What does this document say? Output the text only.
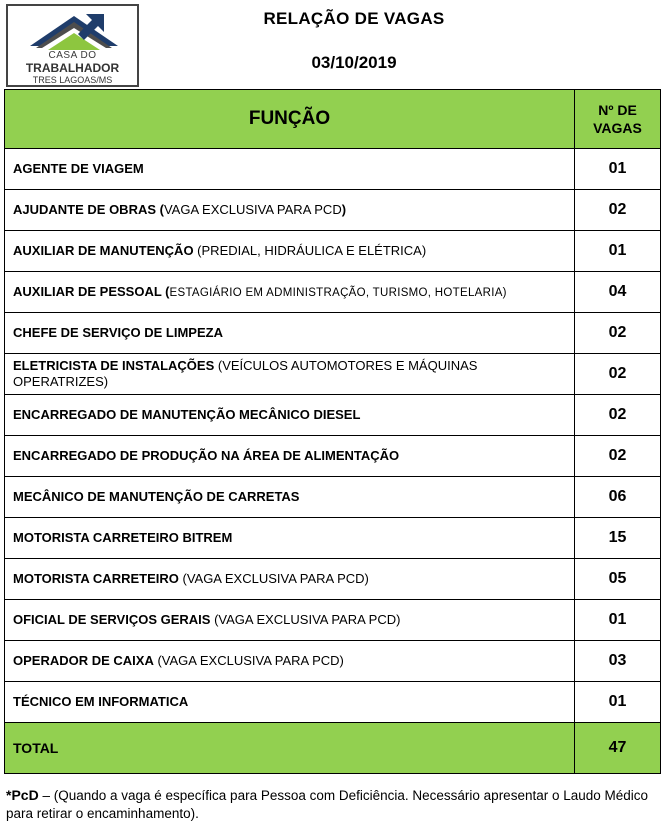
CASA DO
TRABALHADOR
TRES LAGOAS/MS
RELAÇÃO DE VAGAS
03/10/2019
FUNÇÃO	Nº DE
VAGAS
AGENTE DE VIAGEM	01
AJUDANTE DE OBRAS (VAGA EXCLUSIVA PARA PCD)	02
AUXILIAR DE MANUTENÇÃO (PREDIAL, HIDRÁULICA E ELÉTRICA)	01
AUXILIAR DE PESSOAL (ESTAGIÁRIO EM ADMINISTRAÇÃO, TURISMO, HOTELARIA)	04
CHEFE DE SERVIÇO DE LIMPEZA	02
ELETRICISTA DE INSTALAÇÕES (VEÍCULOS AUTOMOTORES E MÁQUINAS OPERATRIZES)	02
ENCARREGADO DE MANUTENÇÃO MECÂNICO DIESEL	02
ENCARREGADO DE PRODUÇÃO NA ÁREA DE ALIMENTAÇÃO	02
MECÂNICO DE MANUTENÇÃO DE CARRETAS	06
MOTORISTA CARRETEIRO BITREM	15
MOTORISTA CARRETEIRO (VAGA EXCLUSIVA PARA PCD)	05
OFICIAL DE SERVIÇOS GERAIS (VAGA EXCLUSIVA PARA PCD)	01
OPERADOR DE CAIXA (VAGA EXCLUSIVA PARA PCD)	03
TÉCNICO EM INFORMATICA	01
TOTAL	47
*PcD – (Quando a vaga é específica para Pessoa com Deficiência. Necessário apresentar o Laudo Médico para retirar o encaminhamento).
